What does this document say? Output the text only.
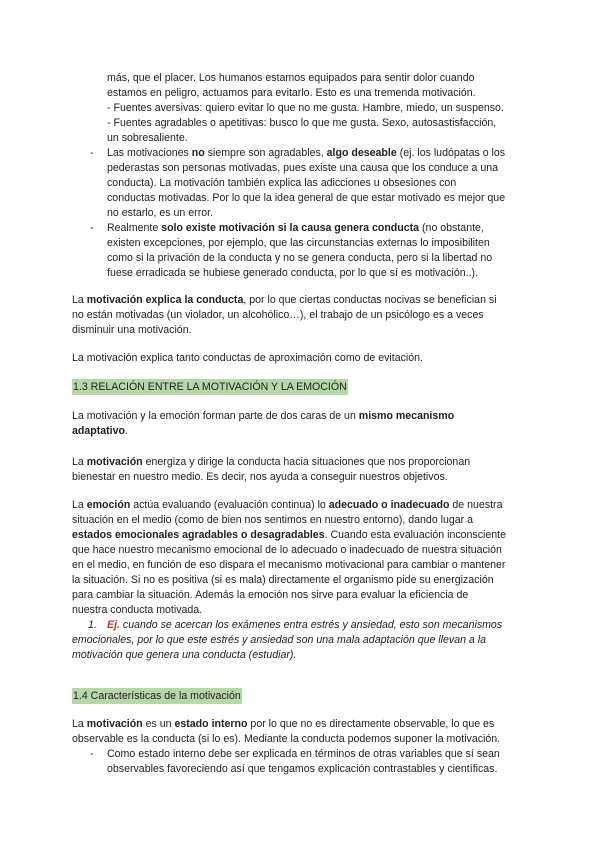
más, que el placer. Los humanos estamos equipados para sentir dolor cuando
estamos en peligro, actuamos para evitarlo. Esto es una tremenda motivación.
- Fuentes aversivas: quiero evitar lo que no me gusta. Hambre, miedo, un suspenso.
- Fuentes agradables o apetitivas: busco lo que me gusta. Sexo, autosastisfacción,
un sobresaliente.
-	Las motivaciones no siempre son agradables, algo deseable (ej. los ludópatas o los
pederastas son personas motivadas, pues existe una causa que los conduce a una
conducta). La motivación también explica las adicciones u obsesiones con
conductas motivadas. Por lo que la idea general de que estar motivado es mejor que
no estarlo, es un error.
-	Realmente solo existe motivación si la causa genera conducta (no obstante,
existen excepciones, por ejemplo, que las circunstancias externas lo imposibiliten
como si la privación de la conducta y no se genera conducta, pero si la libertad no
fuese erradicada se hubiese generado conducta, por lo que sí es motivación..).
La motivación explica la conducta, por lo que ciertas conductas nocivas se benefician si
no están motivadas (un violador, un alcohólico…), el trabajo de un psicólogo es a veces
disminuir una motivación.
La motivación explica tanto conductas de aproximación como de evitación.
1.3 RELACIÓN ENTRE LA MOTIVACIÓN Y LA EMOCIÓN
La motivación y la emoción forman parte de dos caras de un mismo mecanismo
adaptativo.
La motivación energiza y dirige la conducta hacia situaciones que nos proporcionan
bienestar en nuestro medio. Es decir, nos ayuda a conseguir nuestros objetivos.
La emoción actúa evaluando (evaluación continua) lo adecuado o inadecuado de nuestra
situación en el medio (como de bien nos sentimos en nuestro entorno), dando lugar a
estados emocionales agradables o desagradables. Cuando esta evaluación inconsciente
que hace nuestro mecanismo emocional de lo adecuado o inadecuado de nuestra situación
en el medio, en función de eso dispara el mecanismo motivacional para cambiar o mantener
la situación. Si no es positiva (si es mala) directamente el organismo pide su energización
para cambiar la situación. Además la emoción nos sirve para evaluar la eficiencia de
nuestra conducta motivada.
1. Ej. cuando se acercan los exámenes entra estrés y ansiedad, esto son mecanismos
emocionales, por lo que este estrés y ansiedad son una mala adaptación que llevan a la
motivación que genera una conducta (estudiar).
1.4 Características de la motivación
La motivación es un estado interno por lo que no es directamente observable, lo que es
observable es la conducta (si lo es). Mediante la conducta podemos suponer la motivación.
-	Como estado interno debe ser explicada en términos de otras variables que sí sean
observables favoreciendo así que tengamos explicación contrastables y científicas.
